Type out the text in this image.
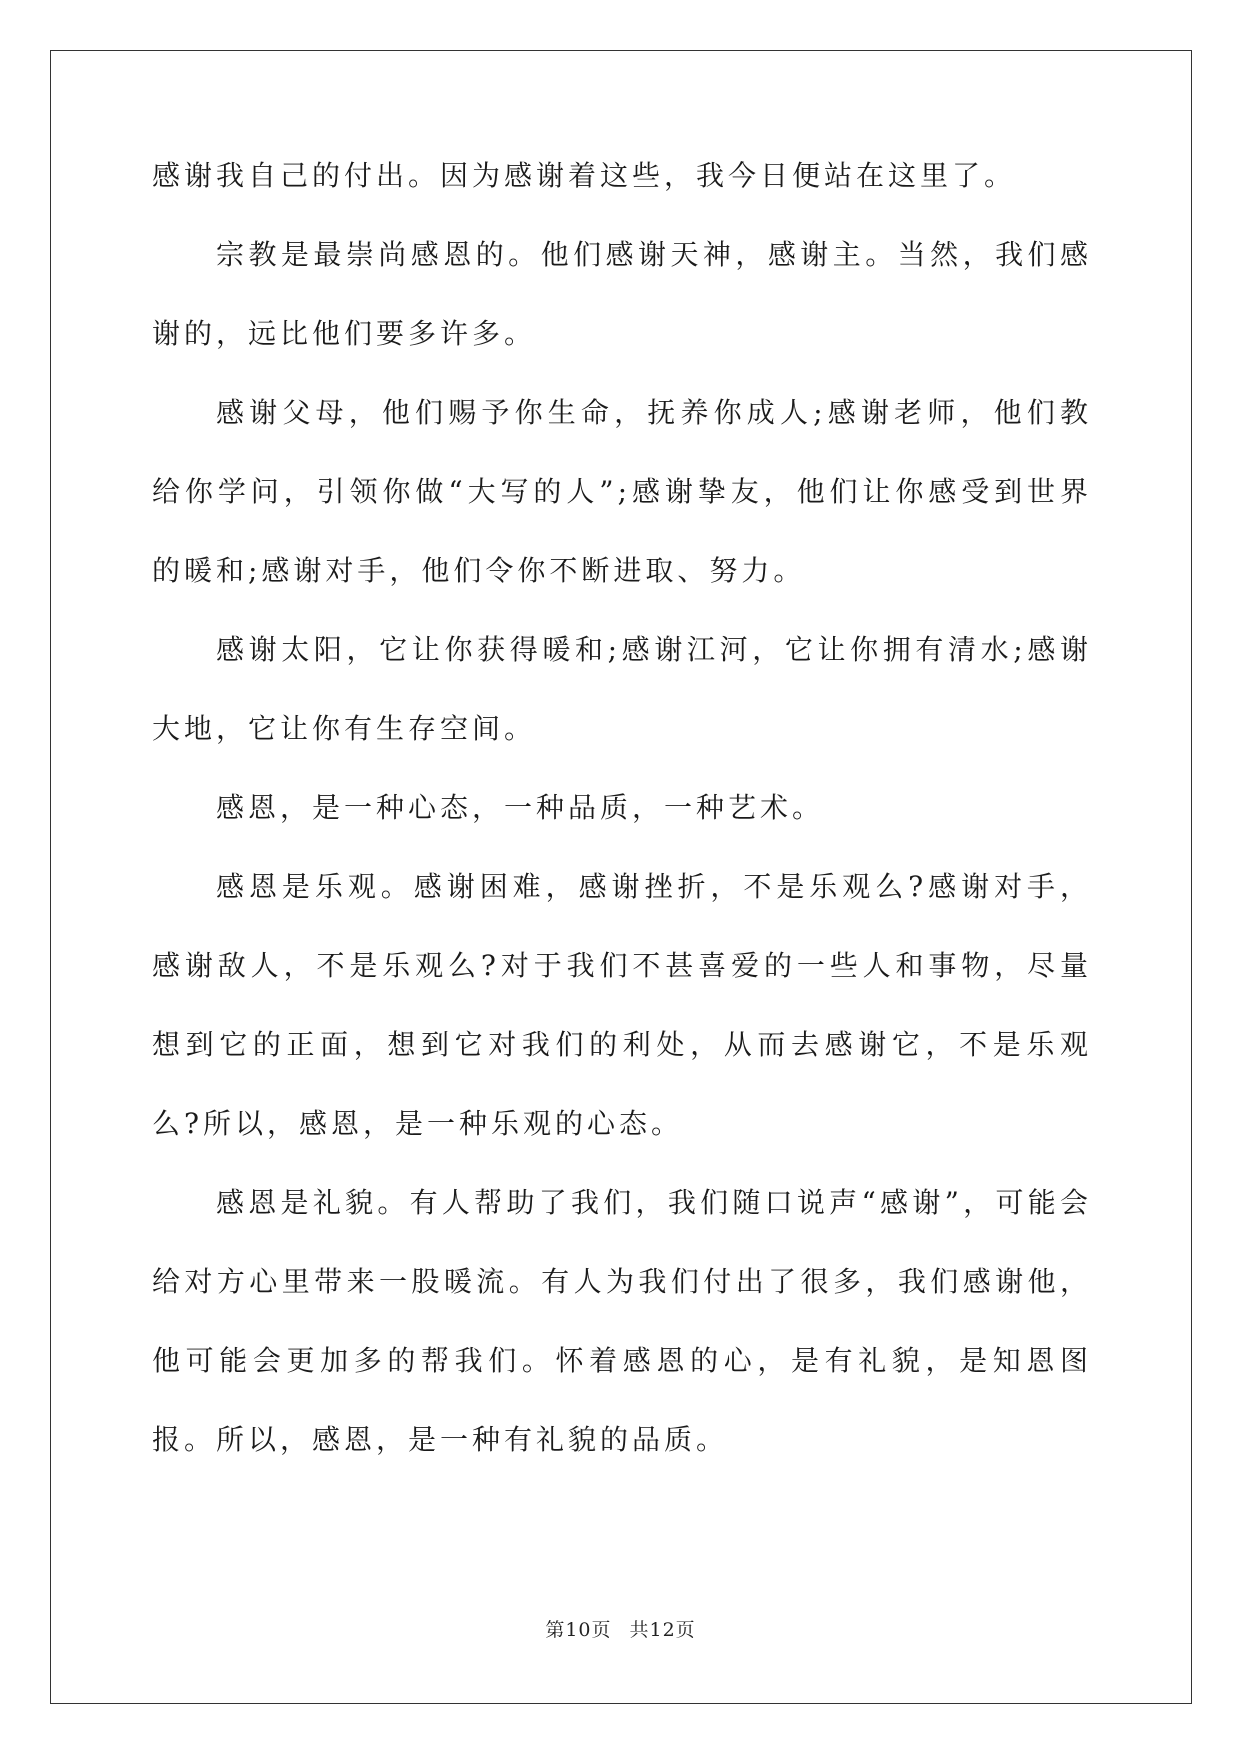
感谢我自己的付出。因为感谢着这些，我今日便站在这里了。

宗教是最崇尚感恩的。他们感谢天神，感谢主。当然，我们感谢的，远比他们要多许多。

感谢父母，他们赐予你生命，抚养你成人;感谢老师，他们教给你学问，引领你做“大写的人”;感谢挚友，他们让你感受到世界的暖和;感谢对手，他们令你不断进取、努力。

感谢太阳，它让你获得暖和;感谢江河，它让你拥有清水;感谢大地，它让你有生存空间。

感恩，是一种心态，一种品质，一种艺术。

感恩是乐观。感谢困难，感谢挫折，不是乐观么?感谢对手，感谢敌人，不是乐观么?对于我们不甚喜爱的一些人和事物，尽量想到它的正面，想到它对我们的利处，从而去感谢它，不是乐观么?所以，感恩，是一种乐观的心态。

感恩是礼貌。有人帮助了我们，我们随口说声“感谢”，可能会给对方心里带来一股暖流。有人为我们付出了很多，我们感谢他，他可能会更加多的帮我们。怀着感恩的心，是有礼貌，是知恩图报。所以，感恩，是一种有礼貌的品质。

第10页 共12页
